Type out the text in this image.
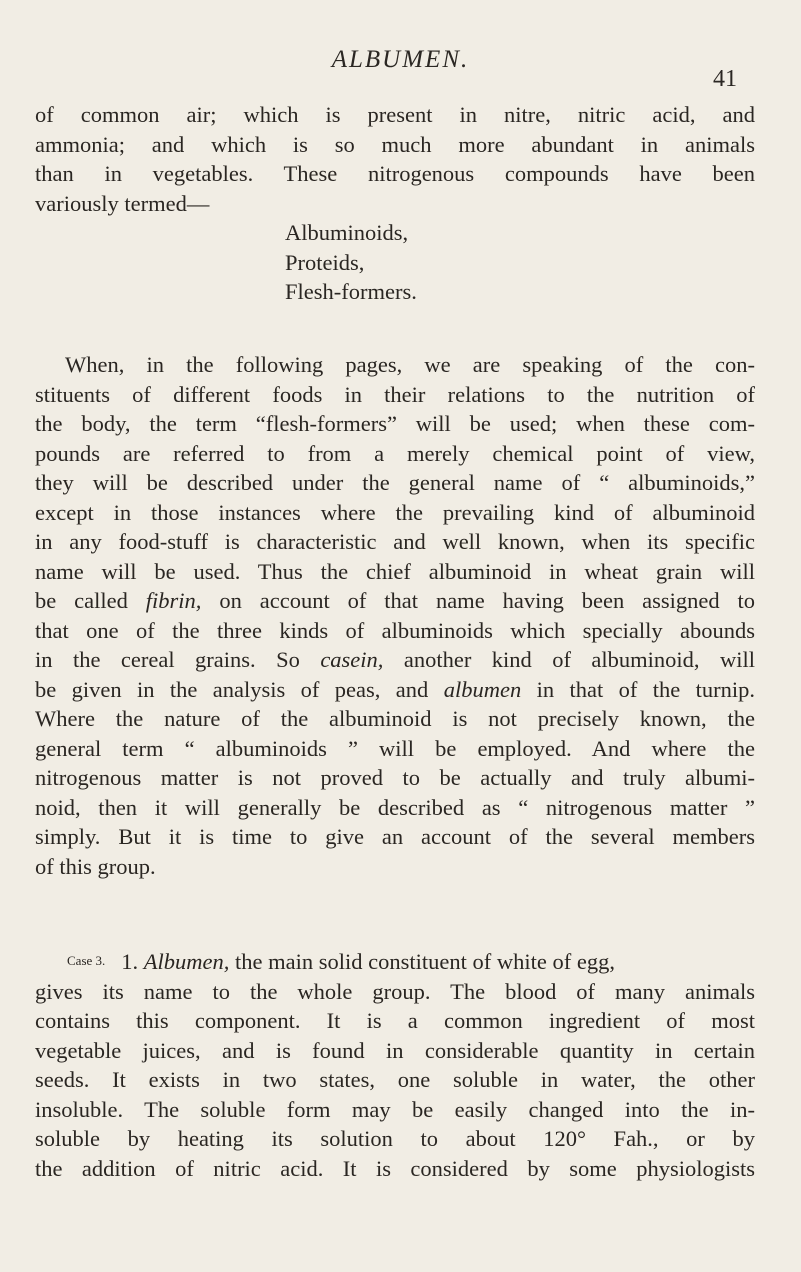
ALBUMEN.
41
of common air; which is present in nitre, nitric acid, and
ammonia; and which is so much more abundant in animals
than in vegetables. These nitrogenous compounds have been
variously termed—
Albuminoids,
Proteids,
Flesh-formers.
When, in the following pages, we are speaking of the con-
stituents of different foods in their relations to the nutrition of
the body, the term “flesh-formers” will be used; when these com-
pounds are referred to from a merely chemical point of view,
they will be described under the general name of “ albuminoids,”
except in those instances where the prevailing kind of albuminoid
in any food-stuff is characteristic and well known, when its specific
name will be used. Thus the chief albuminoid in wheat grain will
be called fibrin, on account of that name having been assigned to
that one of the three kinds of albuminoids which specially abounds
in the cereal grains. So casein, another kind of albuminoid, will
be given in the analysis of peas, and albumen in that of the turnip.
Where the nature of the albuminoid is not precisely known, the
general term “ albuminoids ” will be employed. And where the
nitrogenous matter is not proved to be actually and truly albumi-
noid, then it will generally be described as “ nitrogenous matter ”
simply. But it is time to give an account of the several members
of this group.
Case 3. 1. Albumen, the main solid constituent of white of egg,
gives its name to the whole group. The blood of many animals
contains this component. It is a common ingredient of most
vegetable juices, and is found in considerable quantity in certain
seeds. It exists in two states, one soluble in water, the other
insoluble. The soluble form may be easily changed into the in-
soluble by heating its solution to about 120° Fah., or by
the addition of nitric acid. It is considered by some physiologists
